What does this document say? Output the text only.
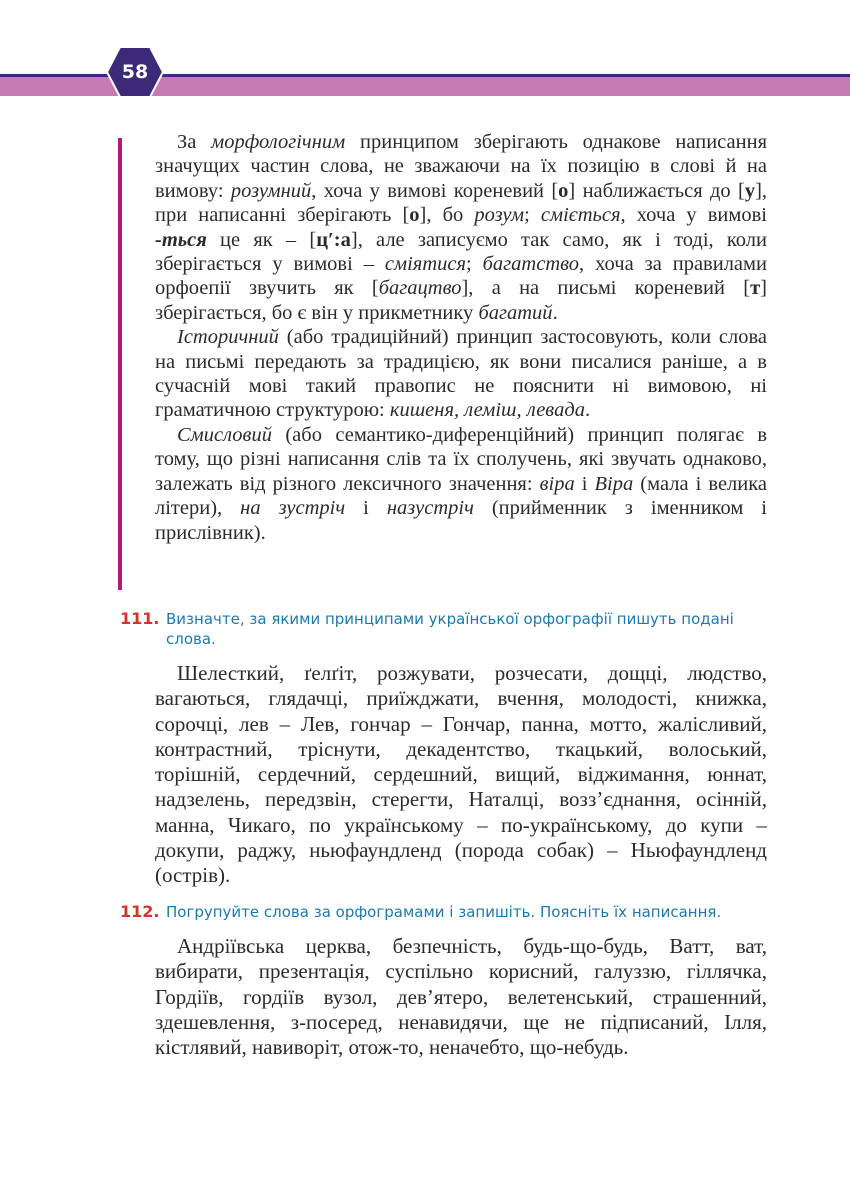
58

За морфологічним принципом зберігають однакове написання значущих частин слова, не зважаючи на їх позицію в слові й на вимову: розумний, хоча у вимові кореневий [о] наближається до [у], при написанні зберігають [о], бо розум; сміється, хоча у вимові -ться це як – [ц′:а], але записуємо так само, як і тоді, коли зберігається у вимові – сміятися; багатство, хоча за правилами орфоепії звучить як [багацтво], а на письмі кореневий [т] зберігається, бо є він у прикметнику багатий.

Історичний (або традиційний) принцип застосовують, коли слова на письмі передають за традицією, як вони писалися раніше, а в сучасній мові такий правопис не пояснити ні вимовою, ні граматичною структурою: кишеня, леміш, левада.

Смисловий (або семантико-диференційний) принцип полягає в тому, що різні написання слів та їх сполучень, які звучать однаково, залежать від різного лексичного значення: віра і Віра (мала і велика літери), на зустріч і назустріч (прийменник з іменником і прислівник).

111. Визначте, за якими принципами української орфографії пишуть подані слова.

Шелесткий, ґелґіт, розжувати, розчесати, дощці, людство, вагаються, глядачці, приїжджати, вчення, молодості, книжка, сорочці, лев – Лев, гончар – Гончар, панна, мотто, жалісливий, контрастний, тріснути, декадентство, ткацький, волоський, торішній, сердечний, сердешний, вищий, віджимання, юннат, надзелень, передзвін, стерегти, Наталці, возз’єднання, осінній, манна, Чикаго, по українському – по-українському, до купи – докупи, раджу, ньюфаундленд (порода собак) – Ньюфаундленд (острів).

112. Погрупуйте слова за орфограмами і запишіть. Поясніть їх написання.

Андріївська церква, безпечність, будь-що-будь, Ватт, ват, вибирати, презентація, суспільно корисний, галуззю, гіллячка, Гордіїв, гордіїв вузол, дев’ятеро, велетенський, страшенний, здешевлення, з-посеред, ненавидячи, ще не підписаний, Ілля, кістлявий, навиворіт, отож-то, неначебто, що-небудь.
